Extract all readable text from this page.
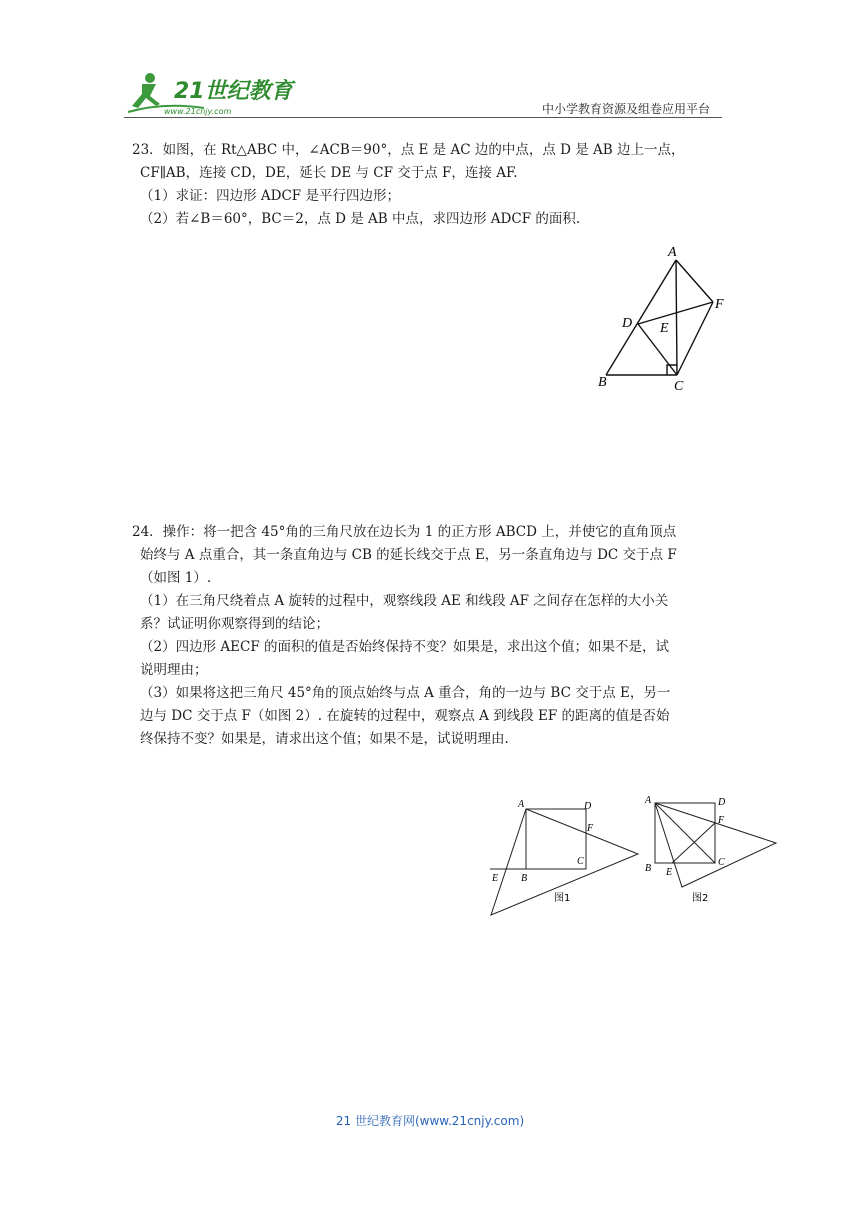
21世纪教育
www.21cnjy.com	中小学教育资源及组卷应用平台
23．如图，在 Rt△ABC 中，∠ACB＝90°，点 E 是 AC 边的中点，点 D 是 AB 边上一点，
CF∥AB，连接 CD，DE，延长 DE 与 CF 交于点 F，连接 AF.
（1）求证：四边形 ADCF 是平行四边形；
（2）若∠B＝60°，BC＝2，点 D 是 AB 中点，求四边形 ADCF 的面积.
A
F
D E
B	C
24．操作：将一把含 45°角的三角尺放在边长为 1 的正方形 ABCD 上，并使它的直角顶点
始终与 A 点重合，其一条直角边与 CB 的延长线交于点 E，另一条直角边与 DC 交于点 F
（如图 1）.
（1）在三角尺绕着点 A 旋转的过程中，观察线段 AE 和线段 AF 之间存在怎样的大小关
系？试证明你观察得到的结论；
（2）四边形 AECF 的面积的值是否始终保持不变？如果是，求出这个值；如果不是，试
说明理由；
（3）如果将这把三角尺 45°角的顶点始终与点 A 重合，角的一边与 BC 交于点 E，另一
边与 DC 交于点 F（如图 2）. 在旋转的过程中，观察点 A 到线段 EF 的距离的值是否始
终保持不变？如果是，请求出这个值；如果不是，试说明理由.
A	D
F
C
E B
图1
A	D
F
C
B E
图2
21 世纪教育网(www.21cnjy.com)
